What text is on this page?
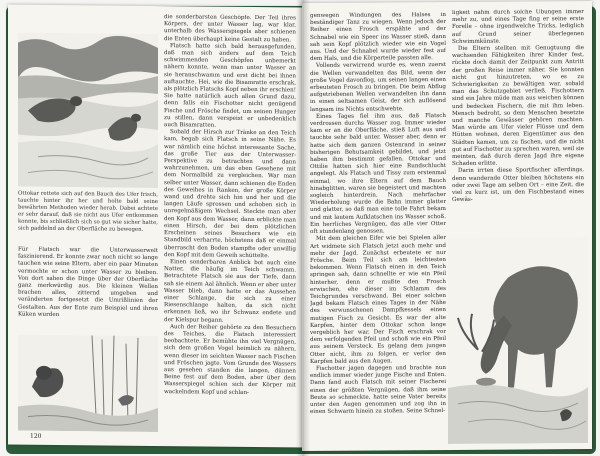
Ottokar rettete sich auf den Bauch des Ufer frisch, tauchte hinter ihr her und holte bald seine bewährten Methoden wieder herab. Dabei achtete er sehr darauf, daß sie nicht aus Ufer entkommen konnte, bis schließlich sich so gut wie sicher hatte, sich paddelnd an der Oberfläche zu bewegen.

Für Flatsch war die Unterwasserwelt faszinierend. Er konnte zwar noch nicht so lange tauchen wie seine Eltern, aber ein paar Minuten vermochte er schon unter Wasser zu bleiben. Von dort sahen die Dinge über der Oberfläche ganz merkwürdig aus. Die kleinen Wellen brachen alles, zitternd umgeben und veränderten fortgesetzt die Umrißlinien der Gestalten. Aus der Ente zum Beispiel und ihren Küken wurden

die sonderbarsten Geschöpfe. Der Teil ihres Körpers, der unter Wasser lag, war klar, unterhalb des Wasserspiegels aber schienen die Enten überhaupt keine Gestalt zu haben.

Flatsch hatte sich bald herausgefunden, daß man sich anders auf dem Teich schwimmenden Geschöpfen unbemerkt nähern konnte, wenn man unter Wasser an sie heranschwamm und erst dicht bei ihnen auftauchte. Hei, wie die Bisamratte erschrak, als plötzlich Flatschs Kopf neben ihr erschien! Sie hatte natürlich auch allen Grund dazu, denn falls ein Fischotter nicht genügend Fische und Frösche findet, um seinen Hunger zu stillen, dann verspeist er unbedenklich auch Bisamratten.

Sobald der Hirsch zur Tränke an den Teich kam, begab sich Flatsch in seine Nähe. Es war nämlich eine höchst interessante Sache, das große Tier aus der Unterwasser-Perspektive zu betrachten und dann wahrzunehmen, um das eben Gesehene mit dem Normalbild zu vergleichen. War man selber unter Wasser, dann schienen die Enden des Geweihes in Ranken, der große Körper wand und drehte sich hin und her und die langen Läufe sprossen und schoben sich in unregelmäßigem Wechsel. Steckte man aber den Kopf aus dem Wasser, dann erblickte man einen Hirsch, der bei dem plötzlichen Erscheinen seines Besuchers wie ein Standbild verharrte, höchstens daß er einmal überrascht den Boden stampfte oder unwillig den Kopf mit dem Geweih schüttelte.

Einen sonderbaren Anblick bot auch eine Natter, die häufig im Teich schwamm. Betrachtete Flatsch sie aus der Tiefe, dann sah sie einem Aal ähnlich. Wenn er aber unter Wasser blieb, dann hatte er das Aussehen einer Schlange, die sich zu einer Riesenschlange halten, da sich nicht erkennen ließ, wo ihr Schwanz endete und der Kielspur begann.

Auch der Reiher gehörte zu den Besuchern des Teiches, die Flatsch interessiert beobachtete. Er bemühte ihn viel Vergnügen, sich dem großen Vogel heimlich zu nähern, wenn dieser im seichten Wasser nach Fischen und Fröschen jagte. Vom Grunde des Wassers aus gesehen standen die langen, dünnen Beine fest auf dem Boden, aber über dem Wasserspiegel schien sich der Körper mit wackelndem Kopf und schlan-

120

genwegen Windungen des Halses in beständiger Tanz zu wiegen. Wenn jedoch der Reiher einen Frosch erspähte und der Schnabel wie ein Speer ins Wasser stieß, dann sah sein Kopf plötzlich wieder wie ein Vogel aus. Und der Schnabel wurde wieder fest auf dem Hals, und die Körperteile passten alle.

Vollends verwirrend wurde es, wenn zuerst die Wellen verwandelten das Bild, wenn der große Vogel davonflog, um seinen langen einen erbeuteten Frosch zu bringen. Die beim Abflug aufgetriebenen Wellen verwandelten ihn dann in einen seltsamen Geist, der sich auflösend langsam ins Nichts entschwebte.

Eines Tages fiel ihm aus, daß Flatsch verdrossen durchs Wasser zog. Immer wieder kam er an die Oberfläche, stieß Luft aus und tauchte sehr bald unter. Wasser aber, denn er hatte sich dem ganzen Ostenrand in seiner bisherigen Behutsamkeit gebildet, und jetzt haben ihm bestimmt gefallen. Ottokar und Ottilie hatten sich hier eine Rundschlucht angelegt. Als Flatsch und Tissy zum erstenmal einmal, wo ihre Eltern auf dem Bauch hinabglitten, waren sie begeistert und machten sogleich hinterdrein. Nach mehrfacher Wiederholung wurde die Bahn immer glatter und glatter, so daß man eine tolle Fahrt bekam und mit lautem Aufklatschen ins Wasser schoß. Ein herrliches Vergnügen, das alle vier Otter oft stundenlang genossen.

Mit dem gleichen Eifer wie bei Spielen aller Art widmete sich Flatsch jetzt auch mehr und mehr der Jagd. Zunächst erbeutete er nur Frösche. Beim Teil sich am leichtesten bekommen. Wenn Flatsch einen in den Teich springen sah, dann schnellte er wie ein Pfeil hinterher, denn er mußte den Frosch erwischen, ehe dieser im Schlamm des Teichgrundes verschwand. Bei einer solchen Jagd bekam Flatsch eines Tages in der Nähe des verwunschenen Dampfkessels einen mutigen Fisch zu Gesicht. Es war der alte Karpfen, hinter dem Ottokar schon lange vergeblich her war. Der Fisch erschrak vor dem verfolgenden Pfeil und schoß wie ein Pfeil aus seinem Versteck. Es gelang dem jungen Otter nicht, ihm zu folgen, er verlor den Karpfen bald aus den Augen.

Fischotter jagen dagegen und brachte nun endlich immer wieder junge Fische und Enten. Dann fand auch Flatsch mit seiner Fischerei einen der größten Vergnügen, daß ihm seine Beute so schmeckte, hatte seine Vater bereits unter den Augen genommen und zog ihn in einen Schwarm hinein zu stoßen. Seine Schnel-

ligkeit nahm durch solche Übungen immer mehr zu, und eines Tage fing er seine erste Forelle – ohne irgendwelche Tricks, lediglich auf Grund seiner überlegenen Schwimmkünste.

Die Eltern stellten mit Genugtuung die wachsenden Fähigkeiten ihrer Kinder fest, rückte doch damit der Zeitpunkt zum Antritt der großen Reise immer näher. Sie konnten nicht gut hinzutreten, wo es zu Schwierigkeiten zu bewältigen war, sobald man das Schutzgebiet verließ. Fischottern sind ein Jahre müde man aus weichen können und bedecken Fischern, die mit ihm leben. Mensch bedroht, so dem Menschen besetzte und manche Gewässer gehören machten. Man würde am Ufer vieler Flüsse und dem Hütten wohnen, deren Eigentümer aus den Städten kamen, um zu fischen, und die nicht gut auf Fischotter zu sprechen waren, weil sie meinten, daß durch deren Jagd ihre eigene Schaden erlitte.

Darin irrten diese Sportfischer allerdings, denn wandernde Otter bleiben höchstens ein oder zwei Tage am selben Ort – eine Zeit, die viel zu kurz ist, um den Fischbestand eines Gewäs-
